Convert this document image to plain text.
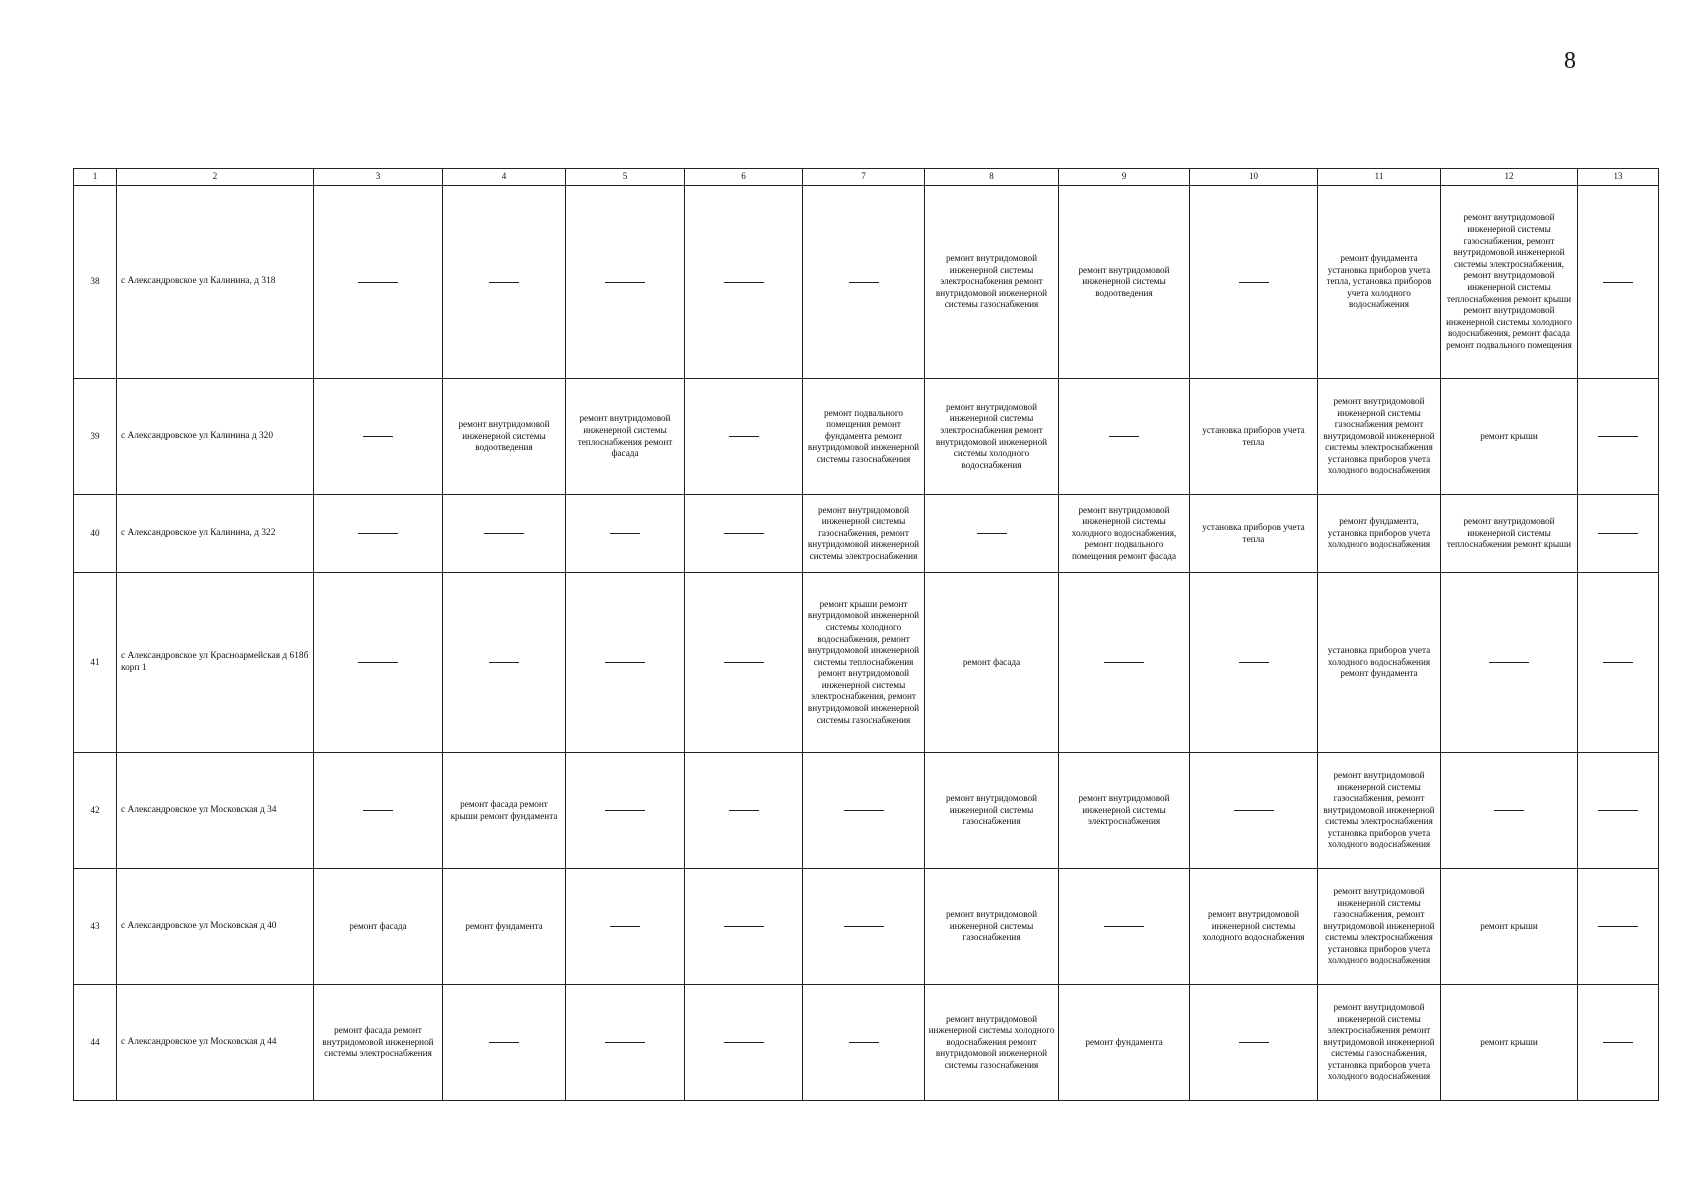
8
1	2	3	4	5	6	7	8	9	10	11	12	13
38	с Александровское ул Калинина, д 318						ремонт внутридомовой инженерной системы электроснабжения ремонт внутридомовой инженерной системы газоснабжения	ремонт внутридомовой инженерной системы водоотведения		ремонт фундамента установка приборов учета тепла, установка приборов учета холодного водоснабжения	ремонт внутридомовой инженерной системы газоснабжения, ремонт внутридомовой инженерной системы электроснабжения, ремонт внутридомовой инженерной системы теплоснабжения ремонт крыши ремонт внутридомовой инженерной системы холодного водоснабжения, ремонт фасада ремонт подвального помещения	
39	с Александровское ул Калинина д 320		ремонт внутридомовой инженерной системы водоотведения	ремонт внутридомовой инженерной системы теплоснабжения ремонт фасада		ремонт подвального помещения ремонт фундамента ремонт внутридомовой инженерной системы газоснабжения	ремонт внутридомовой инженерной системы электроснабжения ремонт внутридомовой инженерной системы холодного водоснабжения		установка приборов учета тепла	ремонт внутридомовой инженерной системы газоснабжения ремонт внутридомовой инженерной системы электроснабжения установка приборов учета холодного водоснабжения	ремонт крыши	
40	с Александровское ул Калинина, д 322					ремонт внутридомовой инженерной системы газоснабжения, ремонт внутридомовой инженерной системы электроснабжения		ремонт внутридомовой инженерной системы холодного водоснабжения, ремонт подвального помещения ремонт фасада	установка приборов учета тепла	ремонт фундамента, установка приборов учета холодного водоснабжения	ремонт внутридомовой инженерной системы теплоснабжения ремонт крыши	
41	с Александровское ул Красноармейская д 618б корп 1					ремонт крыши ремонт внутридомовой инженерной системы холодного водоснабжения, ремонт внутридомовой инженерной системы теплоснабжения ремонт внутридомовой инженерной системы электроснабжения, ремонт внутридомовой инженерной системы газоснабжения	ремонт фасада			установка приборов учета холодного водоснабжения ремонт фундамента		
42	с Александровское ул Московская д 34		ремонт фасада ремонт крыши ремонт фундамента				ремонт внутридомовой инженерной системы газоснабжения	ремонт внутридомовой инженерной системы электроснабжения		ремонт внутридомовой инженерной системы газоснабжения, ремонт внутридомовой инженерной системы электроснабжения установка приборов учета холодного водоснабжения		
43	с Александровское ул Московская д 40	ремонт фасада	ремонт фундамента				ремонт внутридомовой инженерной системы газоснабжения		ремонт внутридомовой инженерной системы холодного водоснабжения	ремонт внутридомовой инженерной системы газоснабжения, ремонт внутридомовой инженерной системы электроснабжения установка приборов учета холодного водоснабжения	ремонт крыши	
44	с Александровское ул Московская д 44	ремонт фасада ремонт внутридомовой инженерной системы электроснабжения					ремонт внутридомовой инженерной системы холодного водоснабжения ремонт внутридомовой инженерной системы газоснабжения	ремонт фундамента		ремонт внутридомовой инженерной системы электроснабжения ремонт внутридомовой инженерной системы газоснабжения, установка приборов учета холодного водоснабжения	ремонт крыши	
